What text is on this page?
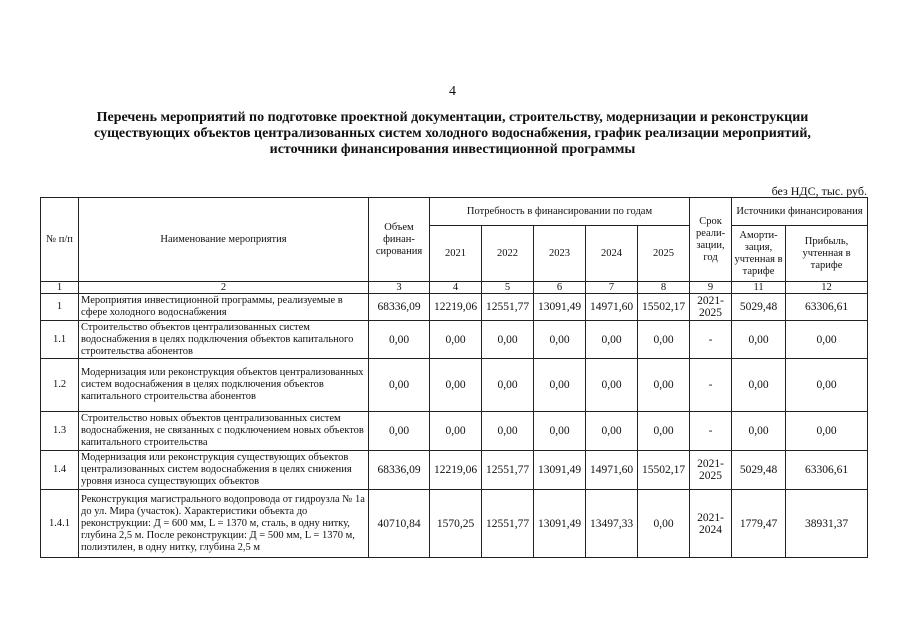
4
Перечень мероприятий по подготовке проектной документации, строительству, модернизации и реконструкции существующих объектов централизованных систем холодного водоснабжения, график реализации мероприятий, источники финансирования инвестиционной программы
без НДС, тыс. руб.
№ п/п	Наименование мероприятия	Объем финан-сирования	Потребность в финансировании по годам					Срок реали-зации, год	Источники финансирования	
			2021	2022	2023	2024	2025		Аморти-зация, учтенная в тарифе	Прибыль, учтенная в тарифе
1	2	3	4	5	6	7	8	9	11	12
1	Мероприятия инвестиционной программы, реализуемые в сфере холодного водоснабжения	68336,09	12219,06	12551,77	13091,49	14971,60	15502,17	2021-2025	5029,48	63306,61
1.1	Строительство объектов централизованных систем водоснабжения в целях подключения объектов капитального строительства абонентов	0,00	0,00	0,00	0,00	0,00	0,00	-	0,00	0,00
1.2	Модернизация или реконструкция объектов централизованных систем водоснабжения в целях подключения объектов капитального строительства абонентов	0,00	0,00	0,00	0,00	0,00	0,00	-	0,00	0,00
1.3	Строительство новых объектов централизованных систем водоснабжения, не связанных с подключением новых объектов капитального строительства	0,00	0,00	0,00	0,00	0,00	0,00	-	0,00	0,00
1.4	Модернизация или реконструкция существующих объектов централизованных систем водоснабжения в целях снижения уровня износа существующих объектов	68336,09	12219,06	12551,77	13091,49	14971,60	15502,17	2021-2025	5029,48	63306,61
1.4.1	Реконструкция магистрального водопровода от гидроузла № 1а до ул. Мира (участок). Характеристики объекта до реконструкции: Д = 600 мм, L = 1370 м, сталь, в одну нитку, глубина 2,5 м. После реконструкции: Д = 500 мм, L = 1370 м, полиэтилен, в одну нитку, глубина 2,5 м	40710,84	1570,25	12551,77	13091,49	13497,33	0,00	2021-2024	1779,47	38931,37
